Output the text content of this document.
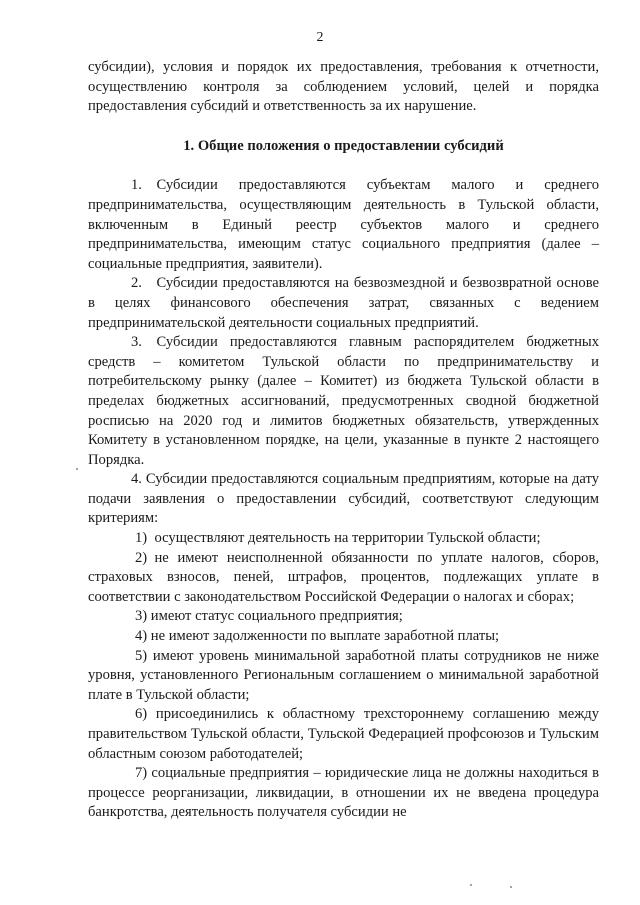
2

субсидии), условия и порядок их предоставления, требования к отчетности, осуществлению контроля за соблюдением условий, целей и порядка предоставления субсидий и ответственность за их нарушение.

1. Общие положения о предоставлении субсидий

1. Субсидии предоставляются субъектам малого и среднего предпринимательства, осуществляющим деятельность в Тульской области, включенным в Единый реестр субъектов малого и среднего предпринимательства, имеющим статус социального предприятия (далее – социальные предприятия, заявители).

2. Субсидии предоставляются на безвозмездной и безвозвратной основе в целях финансового обеспечения затрат, связанных с ведением предпринимательской деятельности социальных предприятий.

3. Субсидии предоставляются главным распорядителем бюджетных средств – комитетом Тульской области по предпринимательству и потребительскому рынку (далее – Комитет) из бюджета Тульской области в пределах бюджетных ассигнований, предусмотренных сводной бюджетной росписью на 2020 год и лимитов бюджетных обязательств, утвержденных Комитету в установленном порядке, на цели, указанные в пункте 2 настоящего Порядка.

4. Субсидии предоставляются социальным предприятиям, которые на дату подачи заявления о предоставлении субсидий, соответствуют следующим критериям:

1) осуществляют деятельность на территории Тульской области;

2) не имеют неисполненной обязанности по уплате налогов, сборов, страховых взносов, пеней, штрафов, процентов, подлежащих уплате в соответствии с законодательством Российской Федерации о налогах и сборах;

3) имеют статус социального предприятия;

4) не имеют задолженности по выплате заработной платы;

5) имеют уровень минимальной заработной платы сотрудников не ниже уровня, установленного Региональным соглашением о минимальной заработной плате в Тульской области;

6) присоединились к областному трехстороннему соглашению между правительством Тульской области, Тульской Федерацией профсоюзов и Тульским областным союзом работодателей;

7) социальные предприятия – юридические лица не должны находиться в процессе реорганизации, ликвидации, в отношении их не введена процедура банкротства, деятельность получателя субсидии не
